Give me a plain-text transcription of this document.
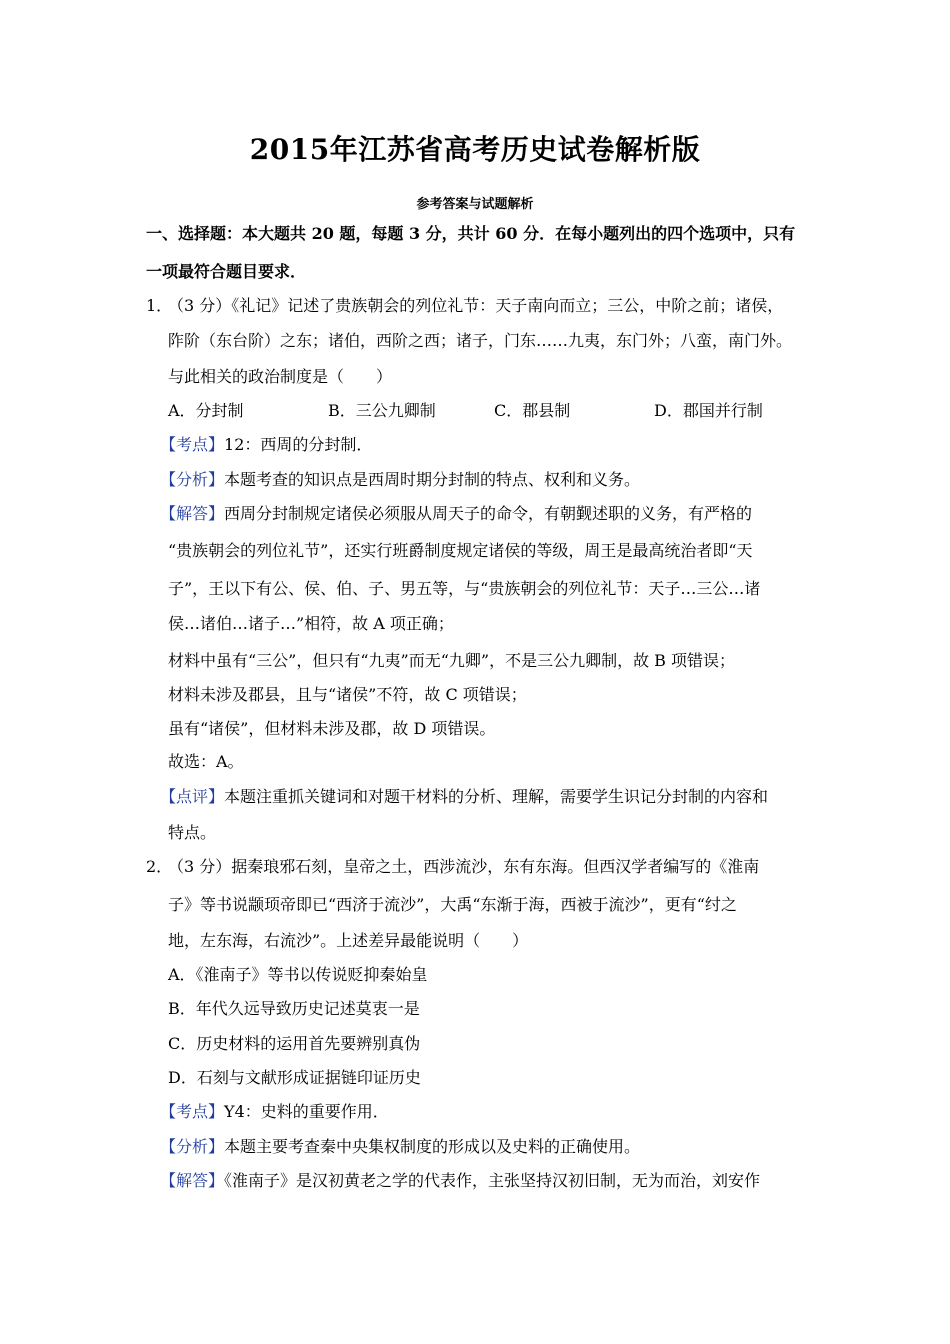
2015年江苏省高考历史试卷解析版
参考答案与试题解析
一、选择题：本大题共 20 题，每题 3 分，共计 60 分．在每小题列出的四个选项中，只有
一项最符合题目要求．
1．
（3 分）《礼记》记述了贵族朝会的列位礼节：天子南向而立；三公，中阶之前；诸侯，
阼阶（东台阶）之东；诸伯，西阶之西；诸子，门东……九夷，东门外；八蛮，南门外。
与此相关的政治制度是（　　）
A．分封制	B．三公九卿制	C．郡县制	D．郡国并行制
【考点】12：西周的分封制．
【分析】本题考查的知识点是西周时期分封制的特点、权利和义务。
【解答】西周分封制规定诸侯必须服从周天子的命令，有朝觐述职的义务，有严格的
“贵族朝会的列位礼节”，还实行班爵制度规定诸侯的等级，周王是最高统治者即“天
子”，王以下有公、侯、伯、子、男五等，与“贵族朝会的列位礼节：天子…三公…诸
侯…诸伯…诸子…”相符，故 A 项正确；
材料中虽有“三公”，但只有“九夷”而无“九卿”，不是三公九卿制，故 B 项错误；
材料未涉及郡县，且与“诸侯”不符，故 C 项错误；
虽有“诸侯”，但材料未涉及郡，故 D 项错误。
故选：A。
【点评】本题注重抓关键词和对题干材料的分析、理解，需要学生识记分封制的内容和
特点。
2．
（3 分）据秦琅邪石刻，皇帝之土，西涉流沙，东有东海。但西汉学者编写的《淮南
子》等书说颛顼帝即已“西济于流沙”，大禹“东渐于海，西被于流沙”，更有“纣之
地，左东海，右流沙”。上述差异最能说明（　　）
A．《淮南子》等书以传说贬抑秦始皇
B．年代久远导致历史记述莫衷一是
C．历史材料的运用首先要辨别真伪
D．石刻与文献形成证据链印证历史
【考点】Y4：史料的重要作用．
【分析】本题主要考查秦中央集权制度的形成以及史料的正确使用。
【解答】《淮南子》是汉初黄老之学的代表作，主张坚持汉初旧制，无为而治，刘安作
